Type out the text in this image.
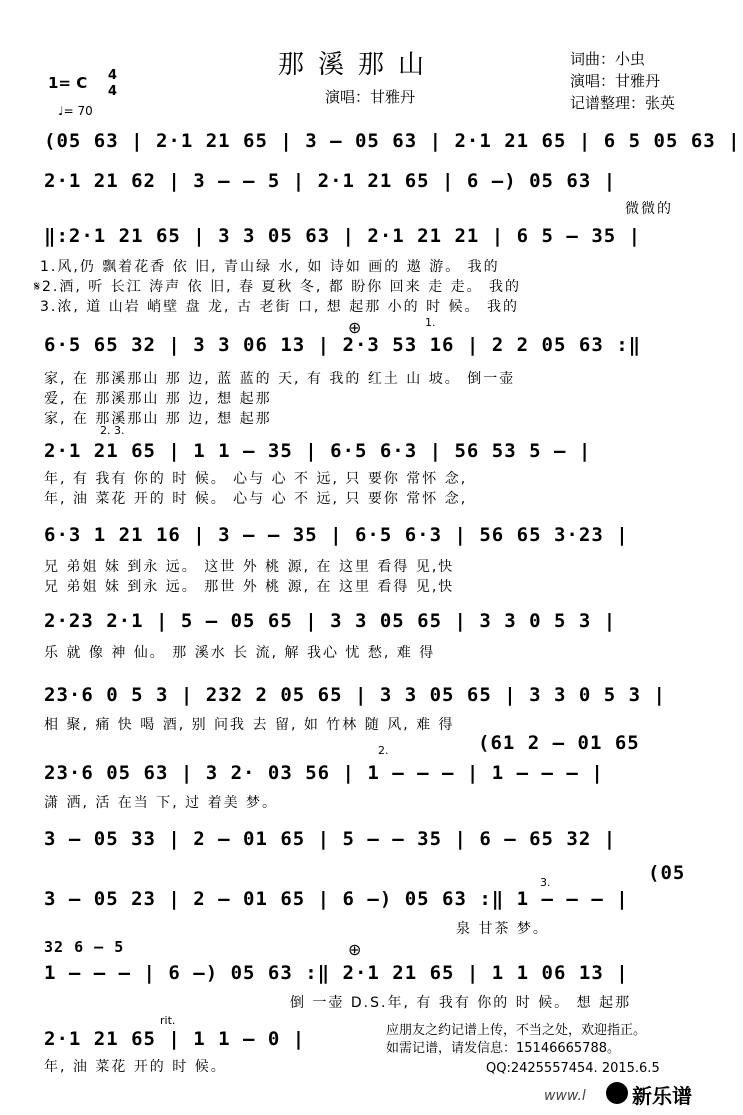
那溪那山
演唱：甘雅丹
词曲：小虫
演唱：甘雅丹
记谱整理：张英
1= C 4
4
♩= 70
(05 63 | 2·1 21 65 | 3 — 05 63 | 2·1 21 65 | 6 5 05 63 |
2·1 21 62 | 3 — — 5 | 2·1 21 65 | 6 —) 05 63 |
微微的
‖:2·1 21 65 | 3 3 05 63 | 2·1 21 21 | 6 5 — 35 |
1.风,仍 飘着花香 依 旧, 青山绿 水, 如 诗如 画的 遨 游。 我的
𝄋2.酒, 听 长江 涛声 依 旧, 春 夏秋 冬, 都 盼你 回来 走 走。 我的
3.浓, 道 山岩 峭壁 盘 龙, 古 老街 口, 想 起那 小的 时 候。 我的
1.
6·5 65 32 | 3 3 06 13 | 2·3 53 16 | 2 2 05 63 :‖
家, 在 那溪那山 那 边, 蓝 蓝的 天, 有 我的 红土 山 坡。 倒一壶
爱, 在 那溪那山 那 边, 想 起那
家, 在 那溪那山 那 边, 想 起那
⊕
2. 3.
2·1 21 65 | 1 1 — 35 | 6·5 6·3 | 56 53 5 — |
年, 有 我有 你的 时 候。 心与 心 不 远, 只 要你 常怀 念,
年, 油 菜花 开的 时 候。 心与 心 不 远, 只 要你 常怀 念,
6·3 1 21 16 | 3 — — 35 | 6·5 6·3 | 56 65 3·23 |
兄 弟姐 妹 到永 远。 这世 外 桃 源, 在 这里 看得 见,快
兄 弟姐 妹 到永 远。 那世 外 桃 源, 在 这里 看得 见,快
2·23 2·1 | 5 — 05 65 | 3 3 05 65 | 3 3 0 5 3 |
乐 就 像 神 仙。 那 溪水 长 流, 解 我心 忧 愁, 难 得
23·6 0 5 3 | 232 2 05 65 | 3 3 05 65 | 3 3 0 5 3 |
相 聚, 痛 快 喝 酒, 别 问我 去 留, 如 竹林 随 风, 难 得
2.	(61 2 — 01 65
23·6 05 63 | 3 2· 03 56 | 1 — — — | 1 — — — |
潇 洒, 活 在当 下, 过 着美 梦。
3 — 05 33 | 2 — 01 65 | 5 — — 35 | 6 — 65 32 |
3.	(05
3 — 05 23 | 2 — 01 65 | 6 —) 05 63 :‖ 1 — — — |
泉 甘茶 梦。
32 6 — 5	⊕
1 — — — | 6 —) 05 63 :‖ 2·1 21 65 | 1 1 06 13 |
倒 一壶 D.S.年, 有 我有 你的 时 候。 想 起那
rit.
2·1 21 65 | 1 1 — 0 |
年, 油 菜花 开的 时 候。
应朋友之约记谱上传，不当之处，欢迎指正。
如需记谱，请发信息：15146665788。
QQ:2425557454. 2015.6.5
www.l 新乐谱
